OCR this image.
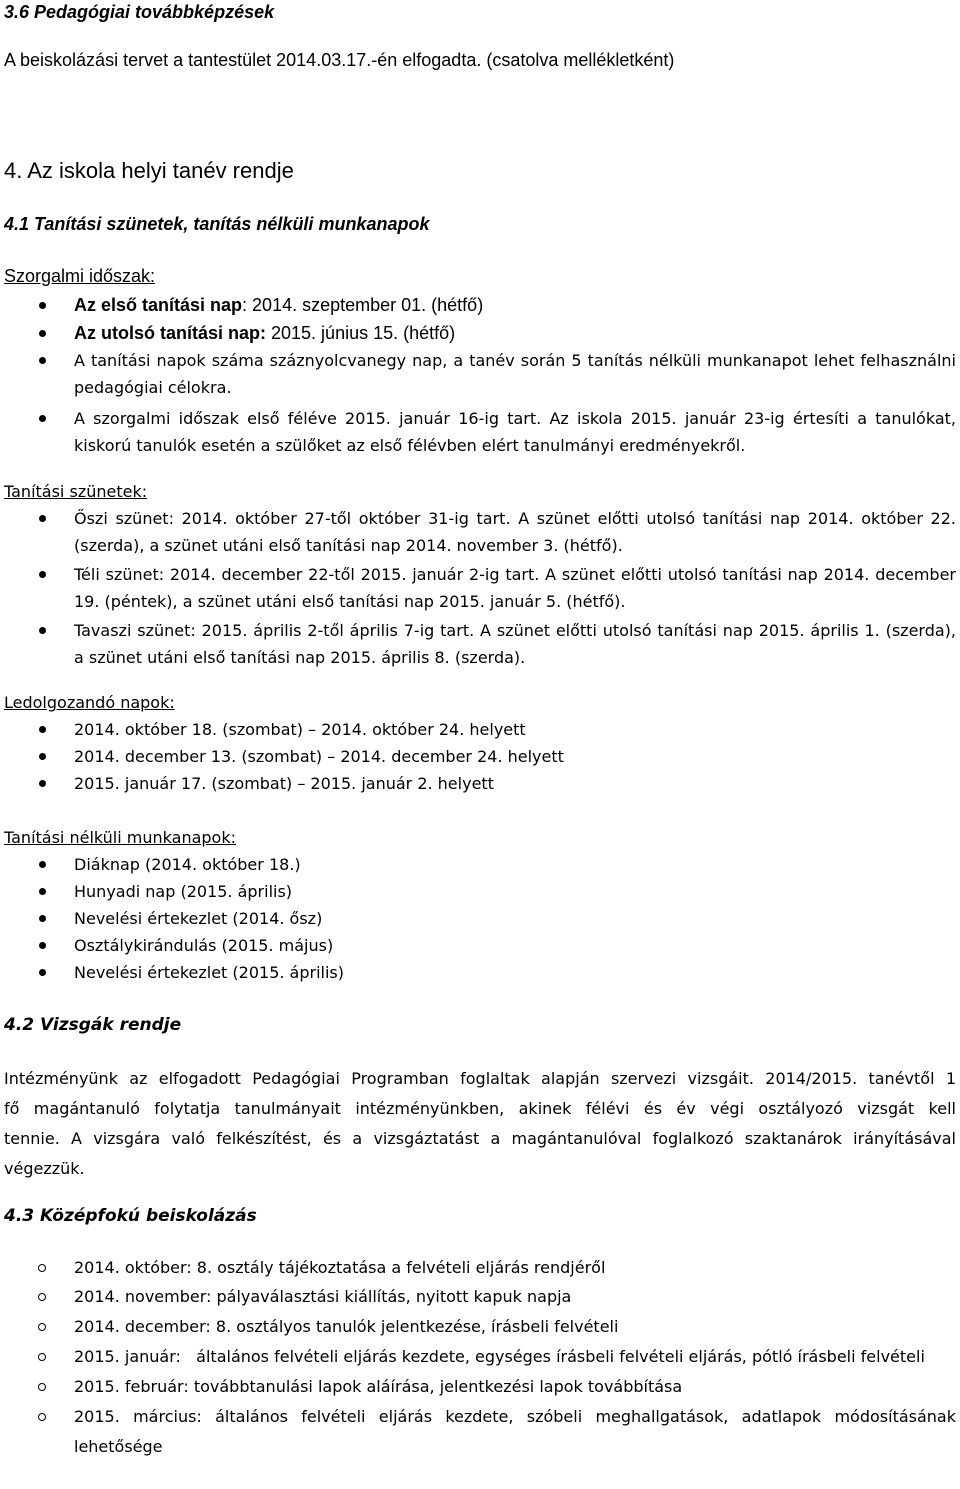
3.6 Pedagógiai továbbképzések
A beiskolázási tervet a tantestület 2014.03.17.-én elfogadta. (csatolva mellékletként)
4. Az iskola helyi tanév rendje
4.1 Tanítási szünetek, tanítás nélküli munkanapok
Szorgalmi időszak:
Az első tanítási nap: 2014. szeptember 01. (hétfő)
Az utolsó tanítási nap: 2015. június 15. (hétfő)
A tanítási napok száma száznyolcvanegy nap, a tanév során 5 tanítás nélküli munkanapot lehet felhasználni pedagógiai célokra.
A szorgalmi időszak első féléve 2015. január 16-ig tart. Az iskola 2015. január 23-ig értesíti a tanulókat, kiskorú tanulók esetén a szülőket az első félévben elért tanulmányi eredményekről.
Tanítási szünetek:
Őszi szünet: 2014. október 27-től október 31-ig tart. A szünet előtti utolsó tanítási nap 2014. október 22. (szerda), a szünet utáni első tanítási nap 2014. november 3. (hétfő).
Téli szünet: 2014. december 22-től 2015. január 2-ig tart. A szünet előtti utolsó tanítási nap 2014. december 19. (péntek), a szünet utáni első tanítási nap 2015. január 5. (hétfő).
Tavaszi szünet: 2015. április 2-től április 7-ig tart. A szünet előtti utolsó tanítási nap 2015. április 1. (szerda), a szünet utáni első tanítási nap 2015. április 8. (szerda).
Ledolgozandó napok:
2014. október 18. (szombat) – 2014. október 24. helyett
2014. december 13. (szombat) – 2014. december 24. helyett
2015. január 17. (szombat) – 2015. január 2. helyett
Tanítási nélküli munkanapok:
Diáknap (2014. október 18.)
Hunyadi nap (2015. április)
Nevelési értekezlet (2014. ősz)
Osztálykirándulás (2015. május)
Nevelési értekezlet (2015. április)
4.2 Vizsgák rendje
Intézményünk az elfogadott Pedagógiai Programban foglaltak alapján szervezi vizsgáit. 2014/2015. tanévtől 1
fő magántanuló folytatja tanulmányait intézményünkben, akinek félévi és év végi osztályozó vizsgát kell
tennie. A vizsgára való felkészítést, és a vizsgáztatást a magántanulóval foglalkozó szaktanárok irányításával
végezzük.
4.3 Középfokú beiskolázás
2014. október: 8. osztály tájékoztatása a felvételi eljárás rendjéről
2014. november: pályaválasztási kiállítás, nyitott kapuk napja
2014. december: 8. osztályos tanulók jelentkezése, írásbeli felvételi
2015. január:   általános felvételi eljárás kezdete, egységes írásbeli felvételi eljárás, pótló írásbeli felvételi
2015. február: továbbtanulási lapok aláírása, jelentkezési lapok továbbítása
2015. március: általános felvételi eljárás kezdete, szóbeli meghallgatások, adatlapok módosításának lehetősége
